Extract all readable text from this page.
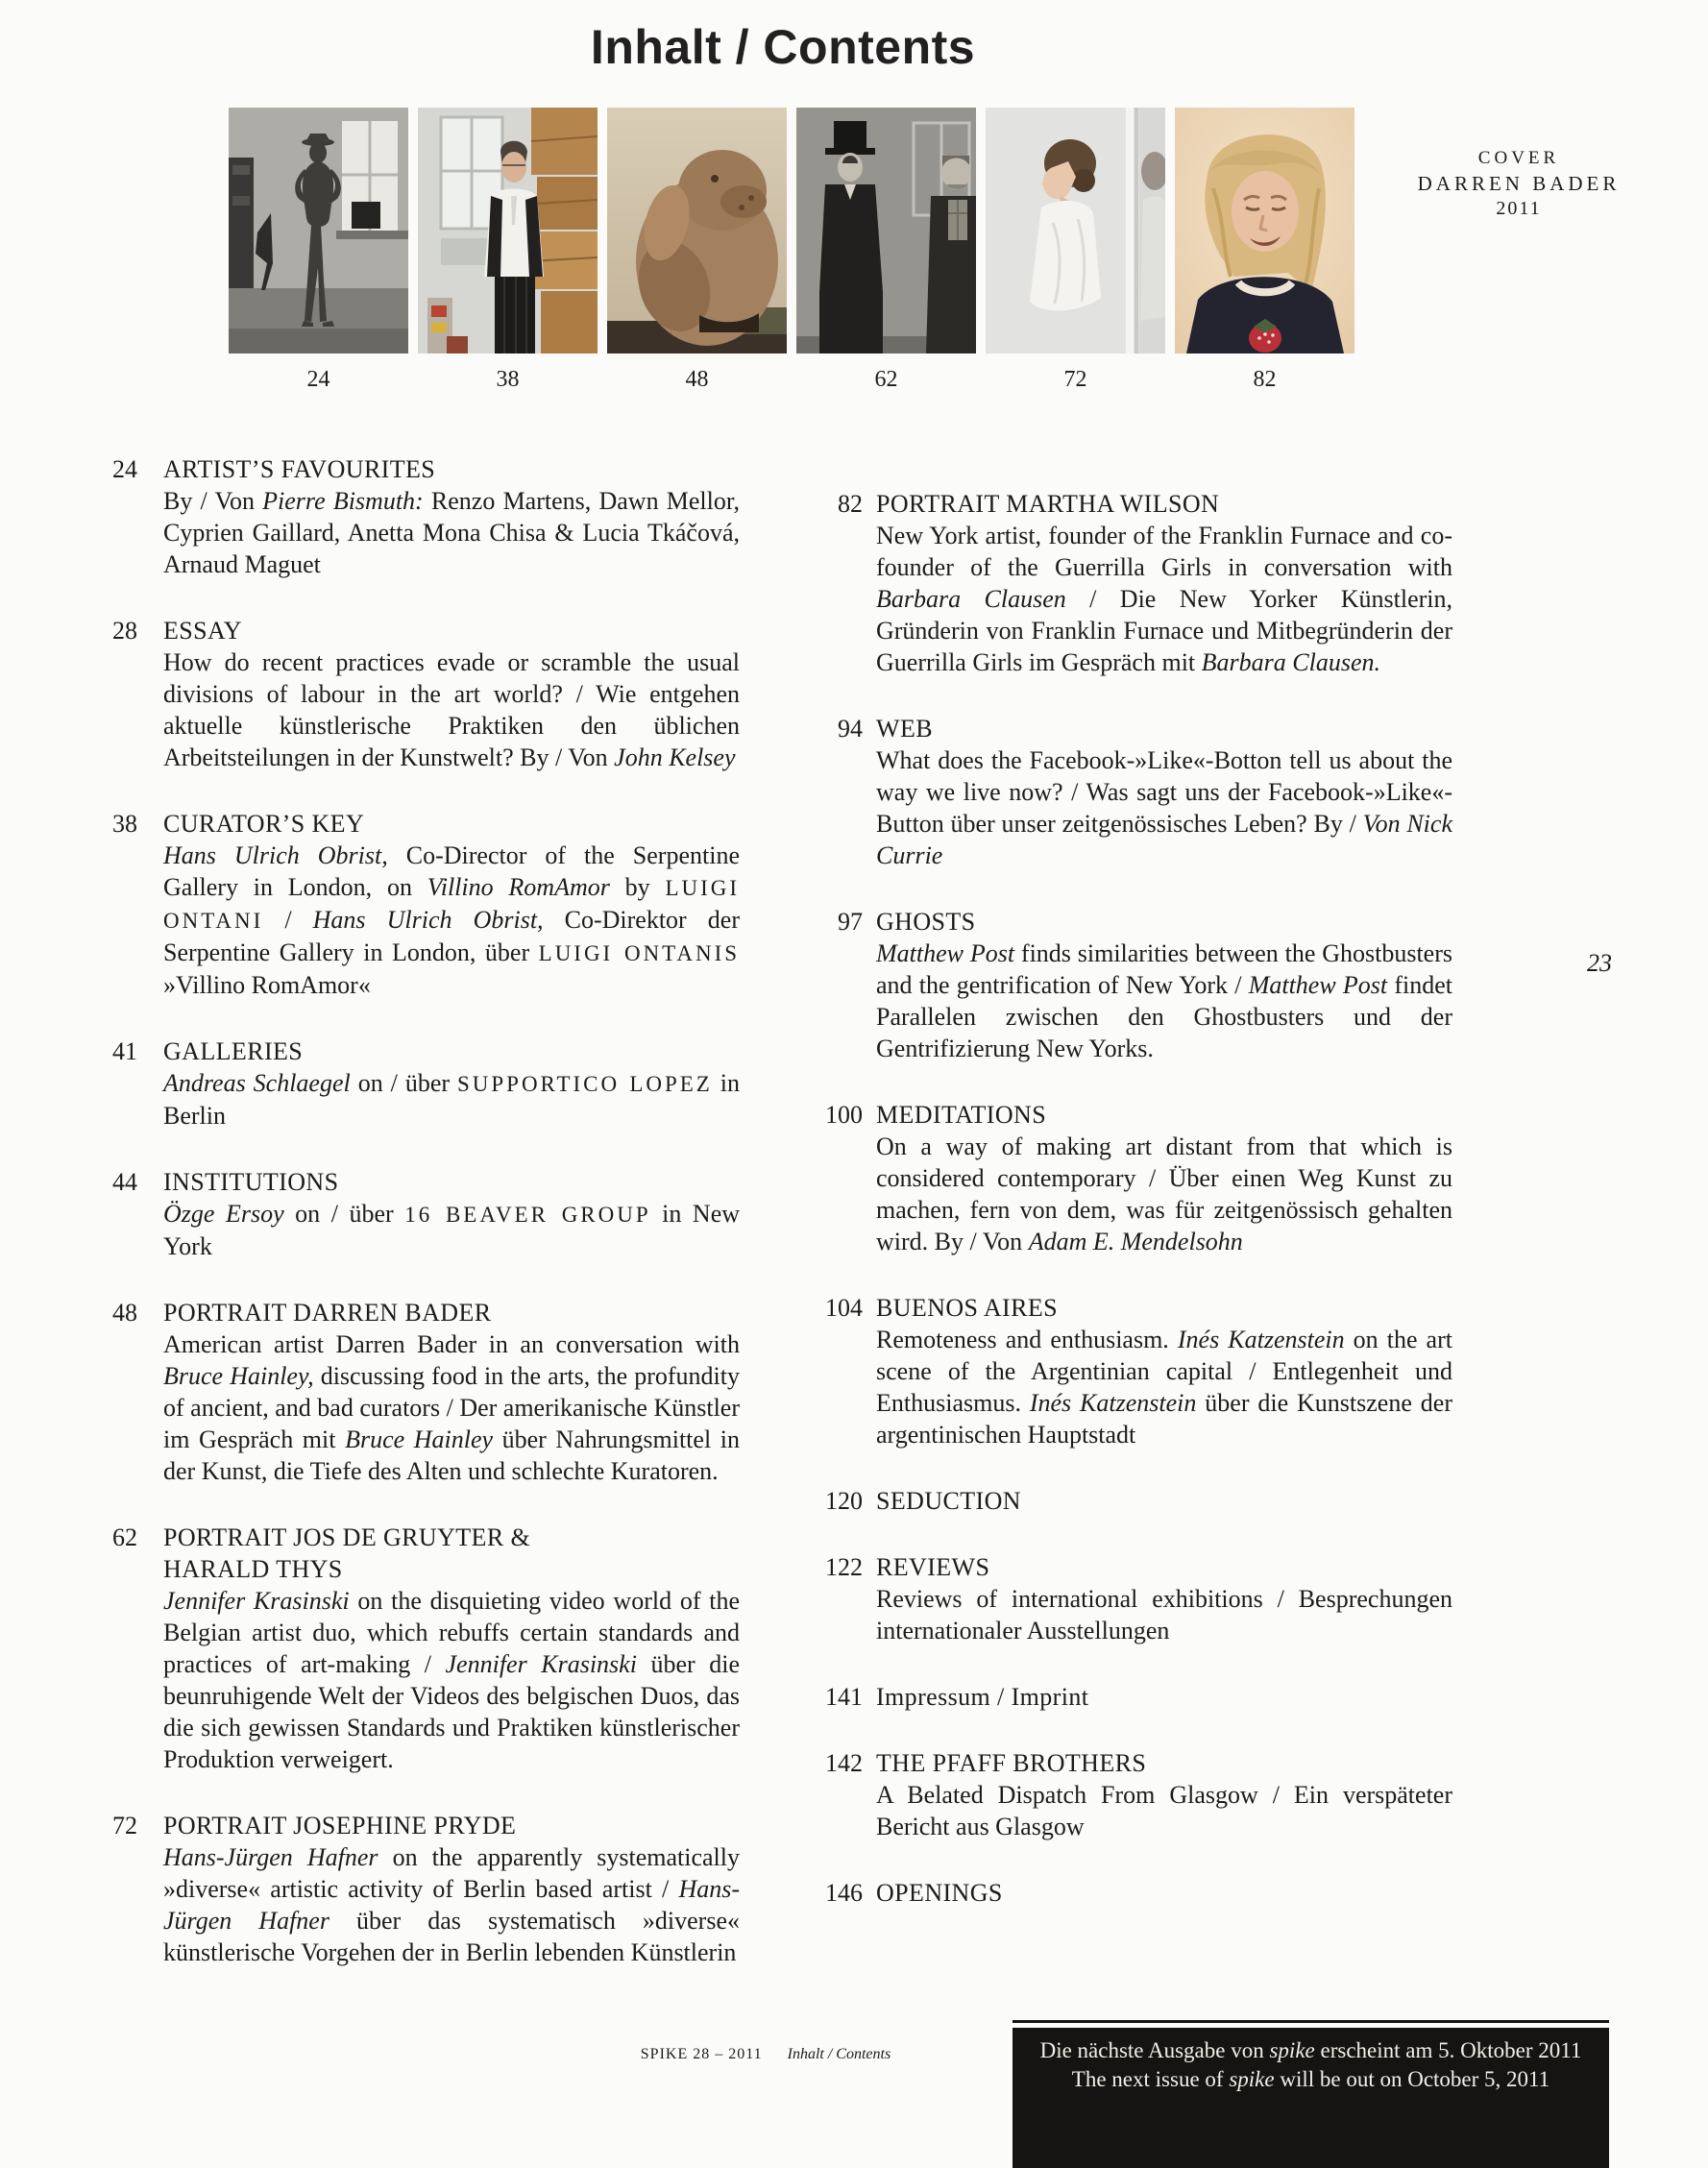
Inhalt / Contents
24	38	48	62	72	82
COVER
DARREN BADER
2011
24 ARTIST’S FAVOURITES
By / Von Pierre Bismuth: Renzo Martens, Dawn Mellor, Cyprien Gaillard, Anetta Mona Chisa & Lucia Tkáčová, Arnaud Maguet
28 ESSAY
How do recent practices evade or scramble the usual divisions of labour in the art world? / Wie entgehen aktuelle künstlerische Praktiken den üblichen Arbeitsteilungen in der Kunstwelt? By / Von John Kelsey
38 CURATOR’S KEY
Hans Ulrich Obrist, Co-Director of the Serpentine Gallery in London, on Villino RomAmor by LUIGI ONTANI / Hans Ulrich Obrist, Co-Direktor der Serpentine Gallery in London, über LUIGI ONTANIS »Villino RomAmor«
41 GALLERIES
Andreas Schlaegel on / über SUPPORTICO LOPEZ in Berlin
44 INSTITUTIONS
Özge Ersoy on / über 16 BEAVER GROUP in New York
48 PORTRAIT DARREN BADER
American artist Darren Bader in an conversation with Bruce Hainley, discussing food in the arts, the profundity of ancient, and bad curators / Der amerikanische Künstler im Gespräch mit Bruce Hainley über Nahrungsmittel in der Kunst, die Tiefe des Alten und schlechte Kuratoren.
62 PORTRAIT JOS DE GRUYTER &
HARALD THYS
Jennifer Krasinski on the disquieting video world of the Belgian artist duo, which rebuffs certain standards and practices of art-making / Jennifer Krasinski über die beunruhigende Welt der Videos des belgischen Duos, das die sich gewissen Standards und Praktiken künstlerischer Produktion verweigert.
72 PORTRAIT JOSEPHINE PRYDE
Hans-Jürgen Hafner on the apparently systematically »diverse« artistic activity of Berlin based artist / Hans-Jürgen Hafner über das systematisch »diverse« künstlerische Vorgehen der in Berlin lebenden Künstlerin
82 PORTRAIT MARTHA WILSON
New York artist, founder of the Franklin Furnace and co-founder of the Guerrilla Girls in conversation with Barbara Clausen / Die New Yorker Künstlerin, Gründerin von Franklin Furnace und Mitbegründerin der Guerrilla Girls im Gespräch mit Barbara Clausen.
94 WEB
What does the Facebook-»Like«-Botton tell us about the way we live now? / Was sagt uns der Facebook-»Like«-Button über unser zeitgenössisches Leben? By / Von Nick Currie
97 GHOSTS
Matthew Post finds similarities between the Ghostbusters and the gentrification of New York / Matthew Post findet Parallelen zwischen den Ghostbusters und der Gentrifizierung New Yorks.
100 MEDITATIONS
On a way of making art distant from that which is considered contemporary / Über einen Weg Kunst zu machen, fern von dem, was für zeitgenössisch gehalten wird. By / Von Adam E. Mendelsohn
104 BUENOS AIRES
Remoteness and enthusiasm. Inés Katzenstein on the art scene of the Argentinian capital / Entlegenheit und Enthusiasmus. Inés Katzenstein über die Kunstszene der argentinischen Hauptstadt
120 SEDUCTION
122 REVIEWS
Reviews of international exhibitions / Besprechungen internationaler Ausstellungen
141 Impressum / Imprint
142 THE PFAFF BROTHERS
A Belated Dispatch From Glasgow / Ein verspäteter Bericht aus Glasgow
146 OPENINGS
23
SPIKE 28 – 2011 Inhalt / Contents	Die nächste Ausgabe von spike erscheint am 5. Oktober 2011
The next issue of spike will be out on October 5, 2011
